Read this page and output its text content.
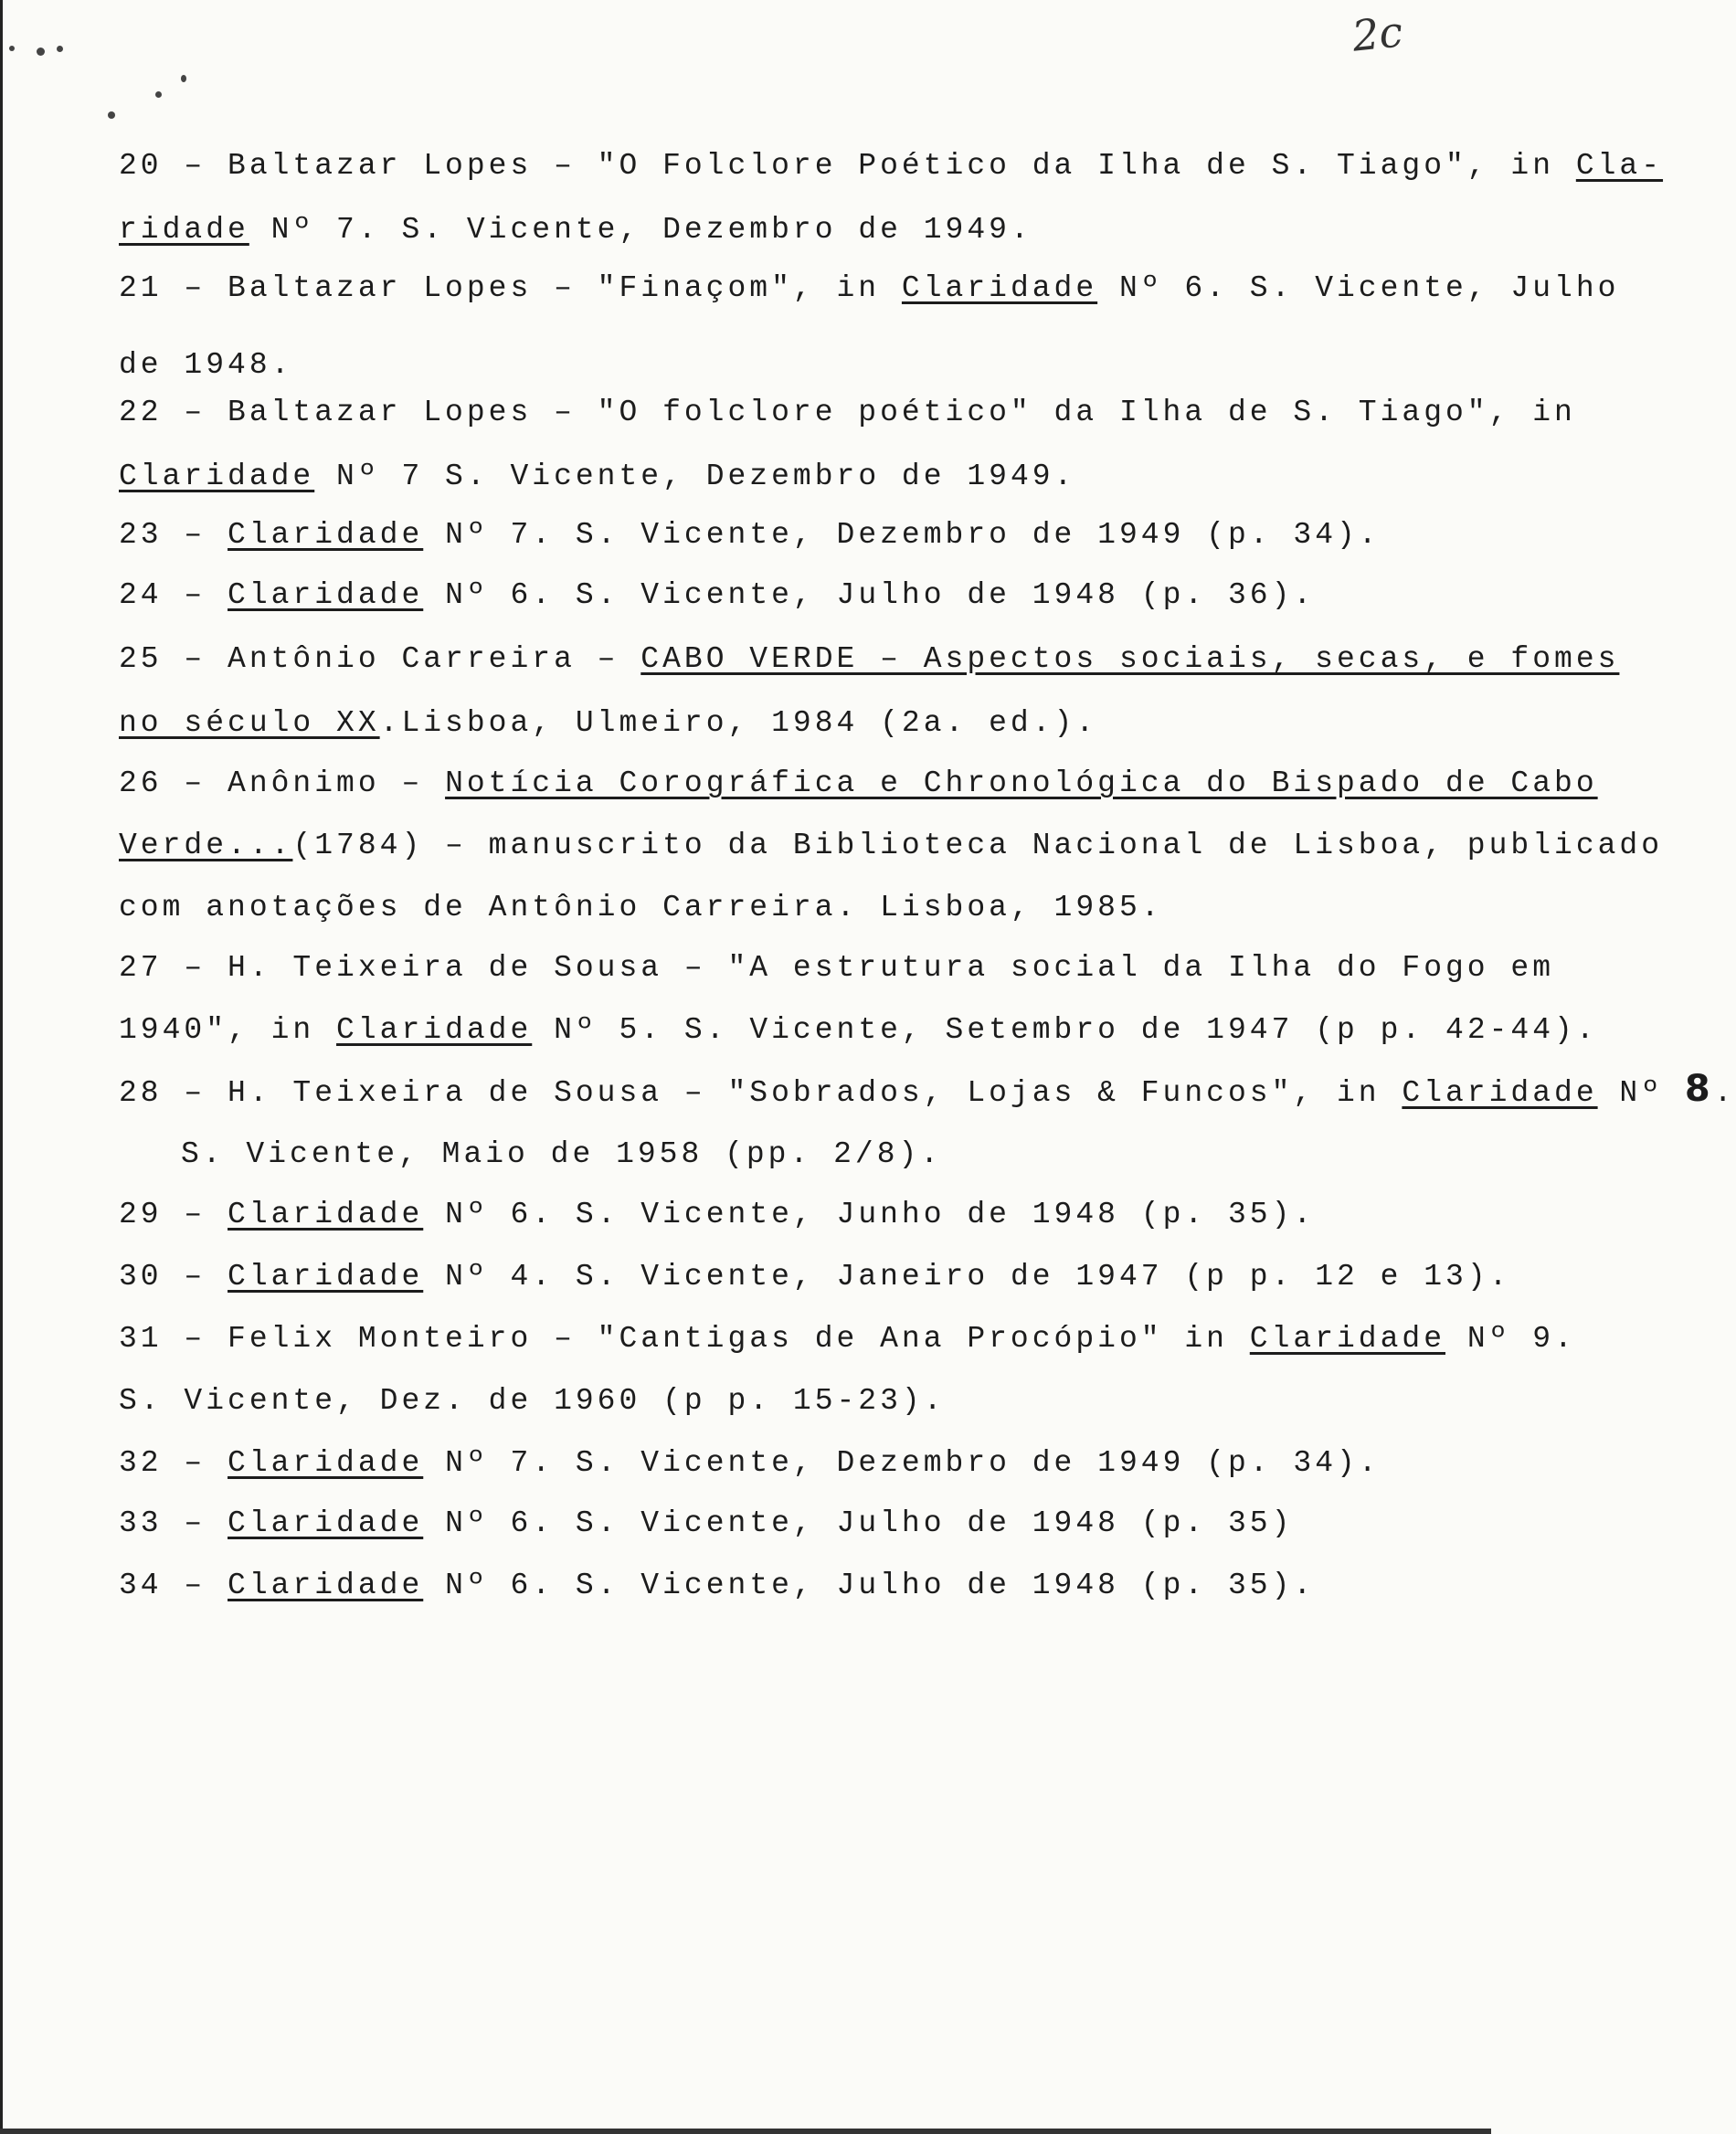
2c
20 – Baltazar Lopes – "O Folclore Poético da Ilha de S. Tiago", in Cla-
ridade Nº 7. S. Vicente, Dezembro de 1949.
21 – Baltazar Lopes – "Finaçom", in Claridade Nº 6. S. Vicente, Julho
de 1948.
22 – Baltazar Lopes – "O folclore poético" da Ilha de S. Tiago", in
Claridade Nº 7 S. Vicente, Dezembro de 1949.
23 – Claridade Nº 7. S. Vicente, Dezembro de 1949 (p. 34).
24 – Claridade Nº 6. S. Vicente, Julho de 1948 (p. 36).
25 – Antônio Carreira – CABO VERDE – Aspectos sociais, secas, e fomes
no século XX.Lisboa, Ulmeiro, 1984 (2a. ed.).
26 – Anônimo – Notícia Corográfica e Chronológica do Bispado de Cabo
Verde...(1784) – manuscrito da Biblioteca Nacional de Lisboa, publicado
com anotações de Antônio Carreira. Lisboa, 1985.
27 – H. Teixeira de Sousa – "A estrutura social da Ilha do Fogo em
1940", in Claridade Nº 5. S. Vicente, Setembro de 1947 (p p. 42-44).
28 – H. Teixeira de Sousa – "Sobrados, Lojas & Funcos", in Claridade Nº 8.
S. Vicente, Maio de 1958 (pp. 2/8).
29 – Claridade Nº 6. S. Vicente, Junho de 1948 (p. 35).
30 – Claridade Nº 4. S. Vicente, Janeiro de 1947 (p p. 12 e 13).
31 – Felix Monteiro – "Cantigas de Ana Procópio" in Claridade Nº 9.
S. Vicente, Dez. de 1960 (p p. 15-23).
32 – Claridade Nº 7. S. Vicente, Dezembro de 1949 (p. 34).
33 – Claridade Nº 6. S. Vicente, Julho de 1948 (p. 35)
34 – Claridade Nº 6. S. Vicente, Julho de 1948 (p. 35).
